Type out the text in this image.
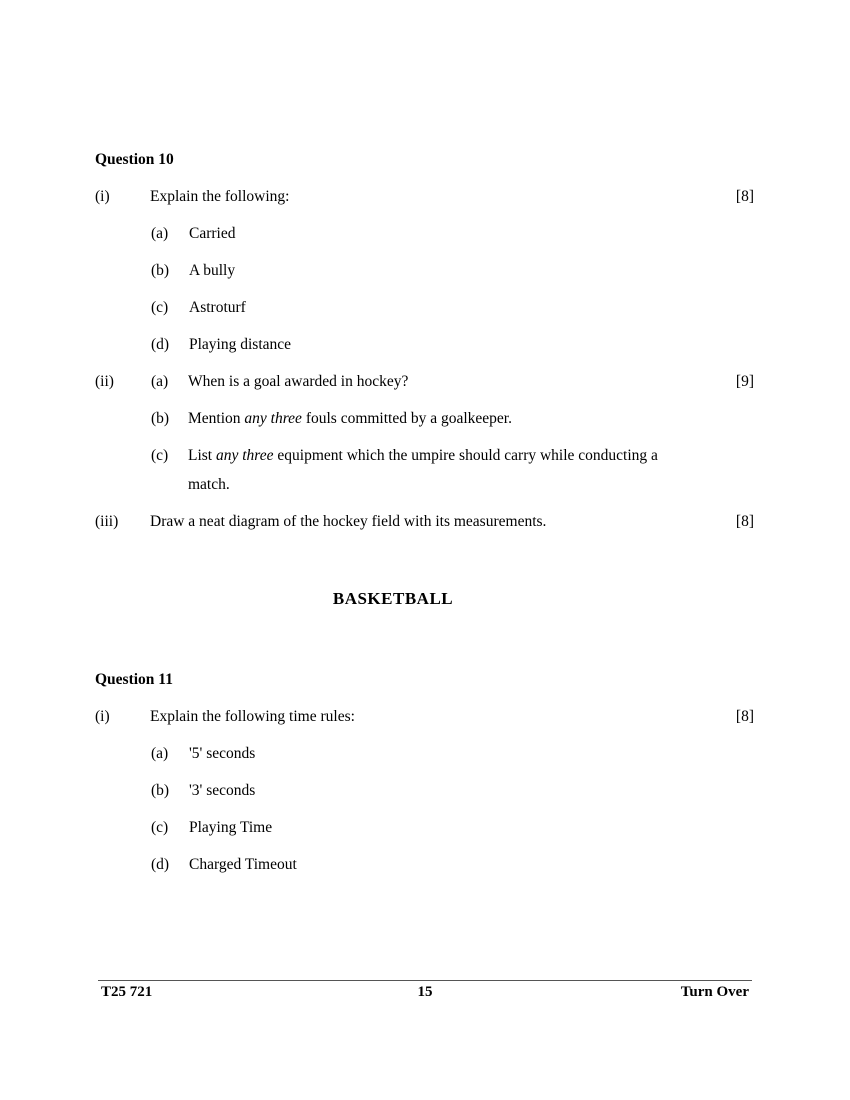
Question 10
(i)	Explain the following:	[8]
(a) Carried
(b) A bully
(c) Astroturf
(d) Playing distance
(ii) (a) When is a goal awarded in hockey?	[9]
(b) Mention any three fouls committed by a goalkeeper.
(c) List any three equipment which the umpire should carry while conducting a
match.
(iii) Draw a neat diagram of the hockey field with its measurements.	[8]
BASKETBALL
Question 11
(i)	Explain the following time rules:	[8]
(a) '5' seconds
(b) '3' seconds
(c) Playing Time
(d) Charged Timeout
T25 721	15	Turn Over
